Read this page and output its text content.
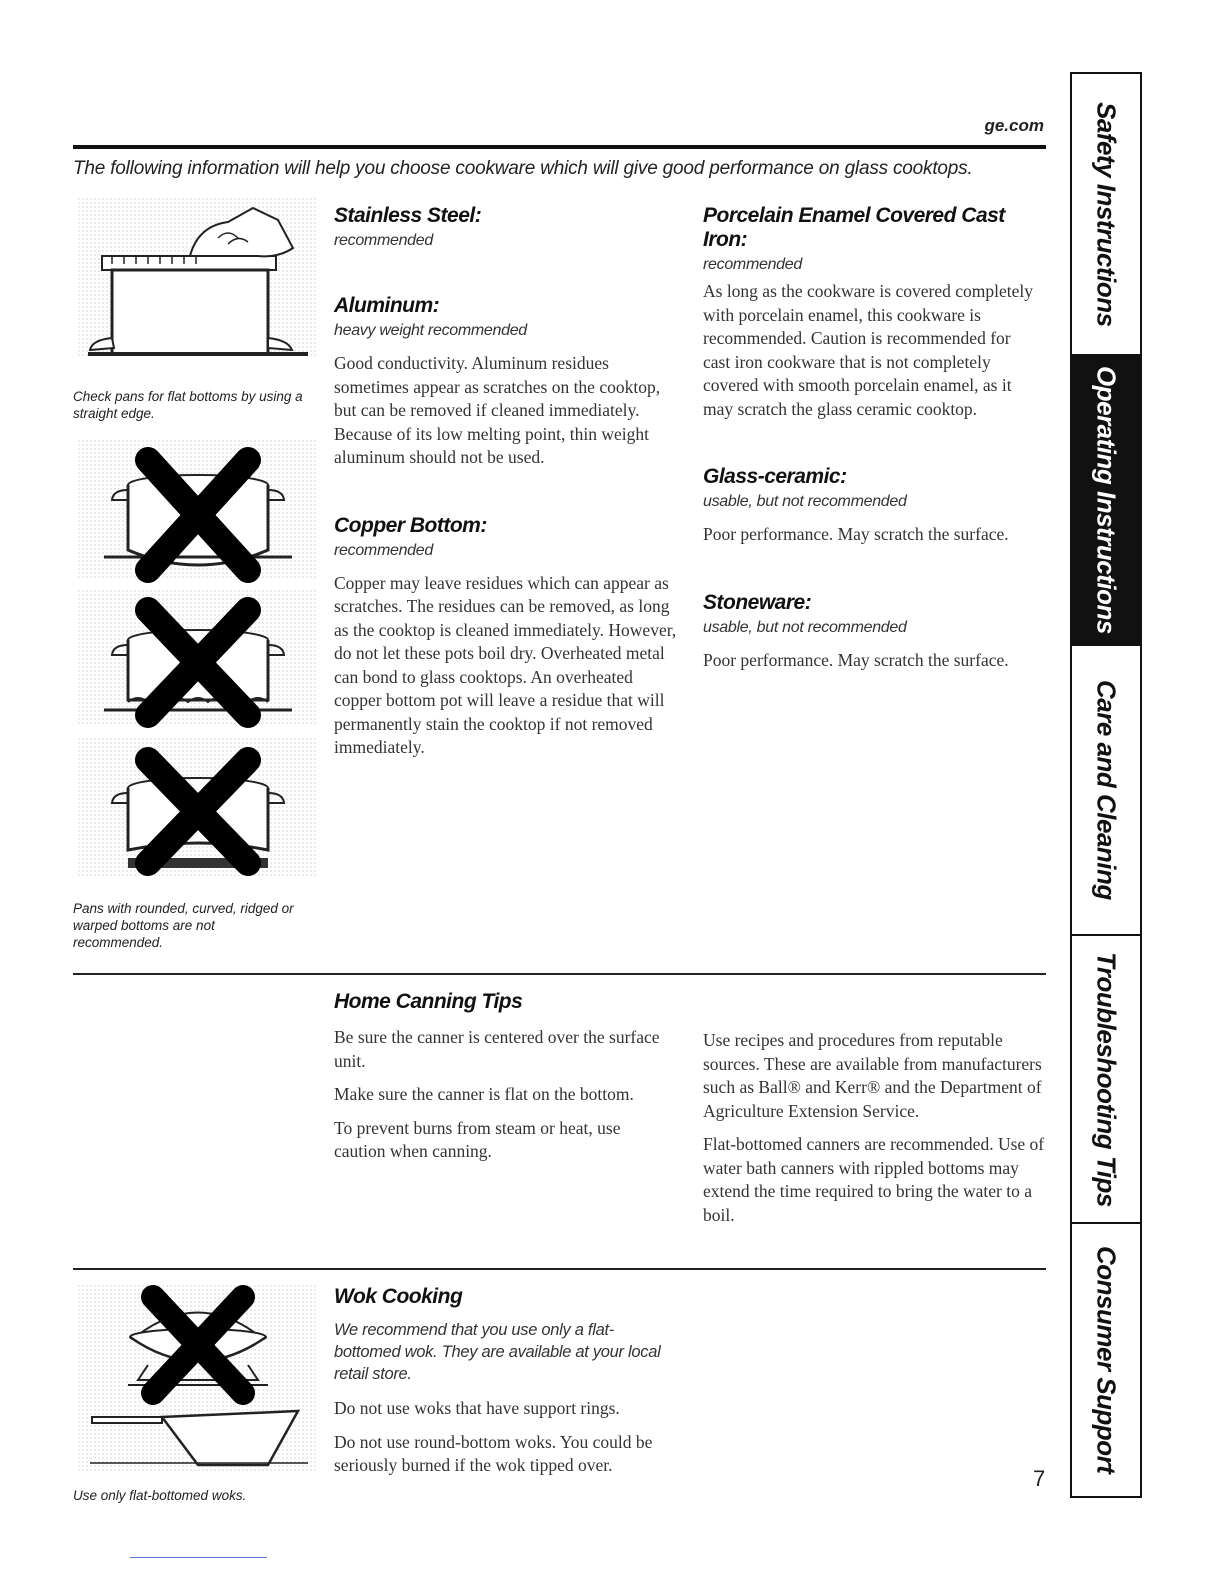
ge.com
The following information will help you choose cookware which will give good performance on glass cooktops.
Check pans for flat bottoms by using a straight edge.
Pans with rounded, curved, ridged or warped bottoms are not recommended.
Stainless Steel:
recommended
Aluminum:
heavy weight recommended

Good conductivity. Aluminum residues sometimes appear as scratches on the cooktop, but can be removed if cleaned immediately. Because of its low melting point, thin weight aluminum should not be used.

Copper Bottom:
recommended

Copper may leave residues which can appear as scratches. The residues can be removed, as long as the cooktop is cleaned immediately. However, do not let these pots boil dry. Overheated metal can bond to glass cooktops. An overheated copper bottom pot will leave a residue that will permanently stain the cooktop if not removed immediately.

Porcelain Enamel Covered Cast Iron:
recommended

As long as the cookware is covered completely with porcelain enamel, this cookware is recommended. Caution is recommended for cast iron cookware that is not completely covered with smooth porcelain enamel, as it may scratch the glass ceramic cooktop.

Glass-ceramic:
usable, but not recommended

Poor performance. May scratch the surface.

Stoneware:
usable, but not recommended

Poor performance. May scratch the surface.

Home Canning Tips

Be sure the canner is centered over the surface unit.

Make sure the canner is flat on the bottom.

To prevent burns from steam or heat, use caution when canning.

Use recipes and procedures from reputable sources. These are available from manufacturers such as Ball® and Kerr® and the Department of Agriculture Extension Service.

Flat-bottomed canners are recommended. Use of water bath canners with rippled bottoms may extend the time required to bring the water to a boil.

Use only flat-bottomed woks.
Wok Cooking
We recommend that you use only a flat-bottomed wok. They are available at your local retail store.

Do not use woks that have support rings.

Do not use round-bottom woks. You could be seriously burned if the wok tipped over.

7
Safety Instructions
Operating Instructions
Care and Cleaning
Troubleshooting Tips
Consumer Support
